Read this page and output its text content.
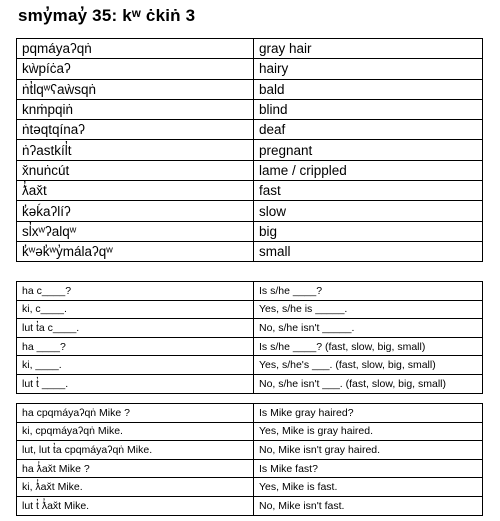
smy̓may̓ 35: kʷ ċkiṅ 3
pqmáyaʔqṅ	gray hair
kẁpíċaʔ	hairy
ṅt̓lqʷʕaẁsqṅ	bald
knṁpqiṅ	blind
ṅtəqtqínaʔ	deaf
ṅʔastkíl̓t	pregnant
x̌nuṅcút	lame / crippled
ƛ̓ax̌t	fast
k̓əḱaʔlíʔ	slow
sl̓xʷʔalqʷ	big
k̓ʷək̓ʷy̓málaʔqʷ	small
ha c____?	Is s/he ____?
ki, c____.	Yes, s/he is _____.
lut t̓a c____.	No, s/he isn't _____.
ha ____?	Is s/he ____? (fast, slow, big, small)
ki, ____.	Yes, s/he's ___. (fast, slow, big, small)
lut t̓ ____.	No, s/he isn't ___. (fast, slow, big, small)
ha cpqmáyaʔqṅ Mike ?	Is Mike gray haired?
ki, cpqmáyaʔqṅ Mike.	Yes, Mike is gray haired.
lut, lut t̓a cpqmáyaʔqṅ Mike.	No, Mike isn't gray haired.
ha ƛ̓ax̌t Mike ?	Is Mike fast?
ki, ƛ̓ax̌t Mike.	Yes, Mike is fast.
lut t̓ ƛ̓ax̌t Mike.	No, Mike isn't fast.
